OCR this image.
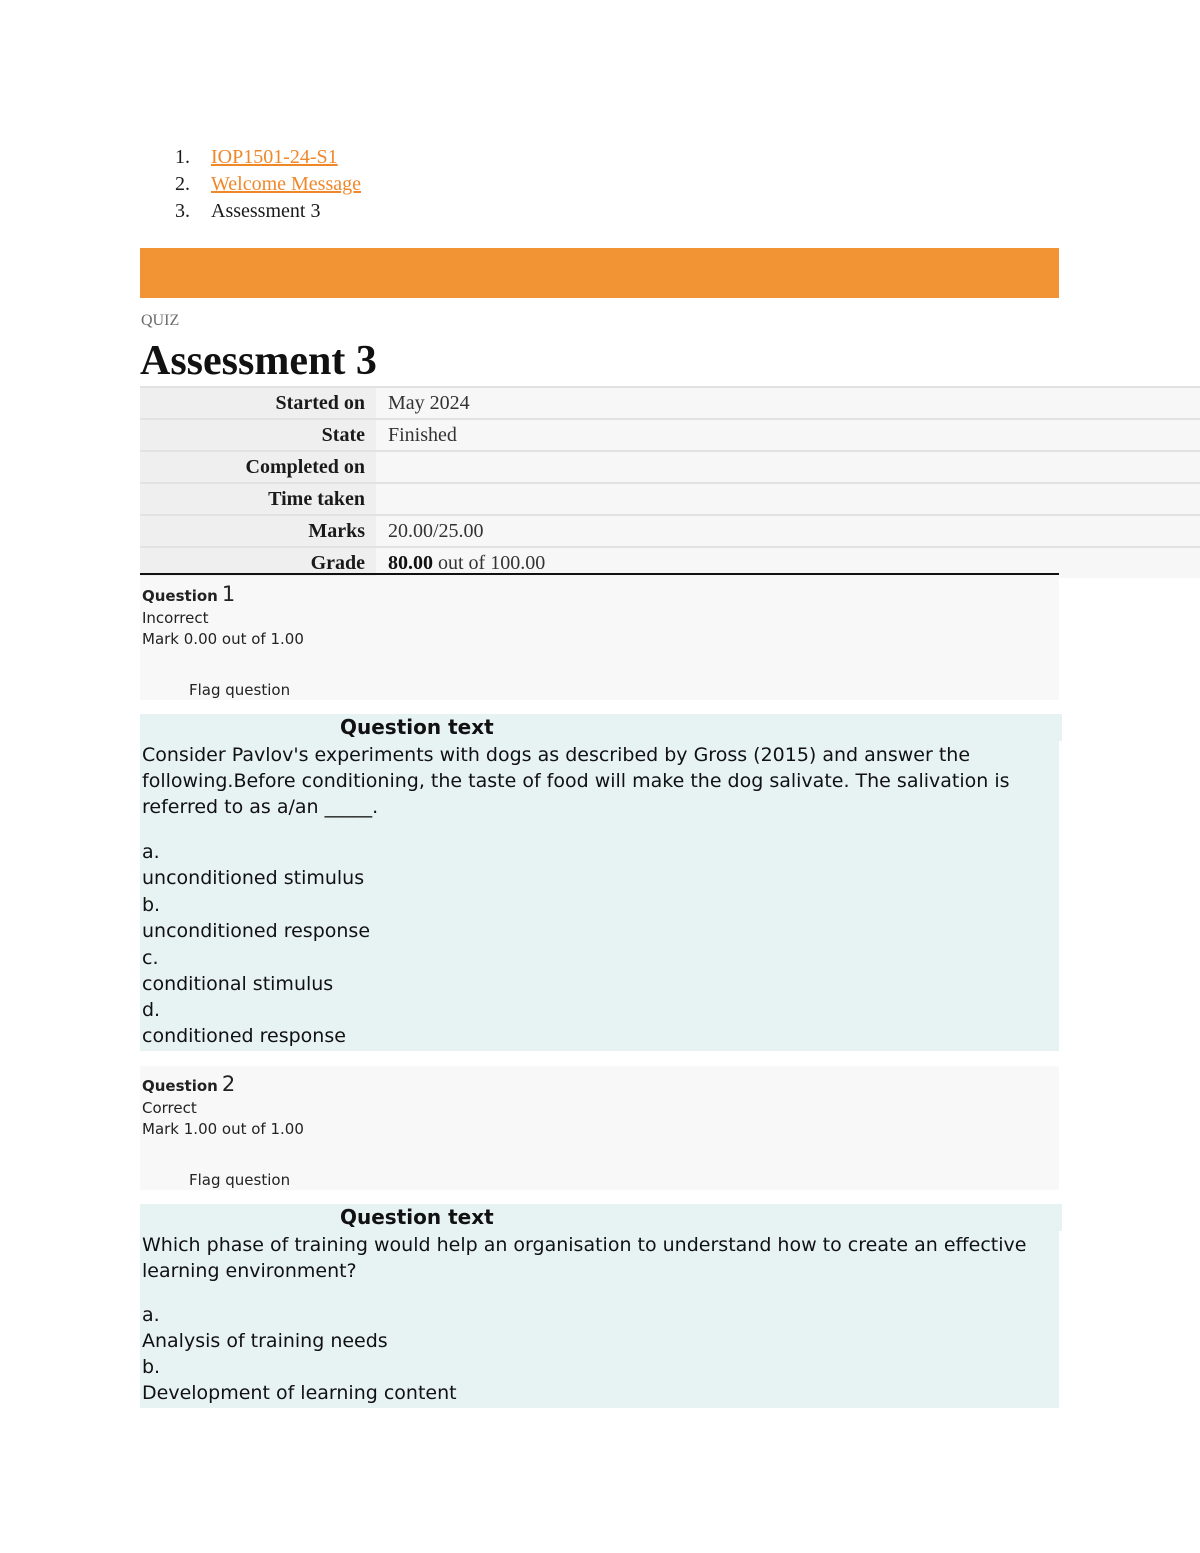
1.	IOP1501-24-S1
2.	Welcome Message
3.	Assessment 3
QUIZ
Assessment 3
Started on	May 2024
State	Finished
Completed on	
Time taken	
Marks	20.00/25.00
Grade	80.00 out of 100.00
Question 1
Incorrect
Mark 0.00 out of 1.00
Flag question
Question text
Consider Pavlov's experiments with dogs as described by Gross (2015) and answer the following.Before conditioning, the taste of food will make the dog salivate. The salivation is referred to as a/an _____.
a.
unconditioned stimulus
b.
unconditioned response
c.
conditional stimulus
d.
conditioned response
Question 2
Correct
Mark 1.00 out of 1.00
Flag question
Question text
Which phase of training would help an organisation to understand how to create an effective learning environment?
a.
Analysis of training needs
b.
Development of learning content
